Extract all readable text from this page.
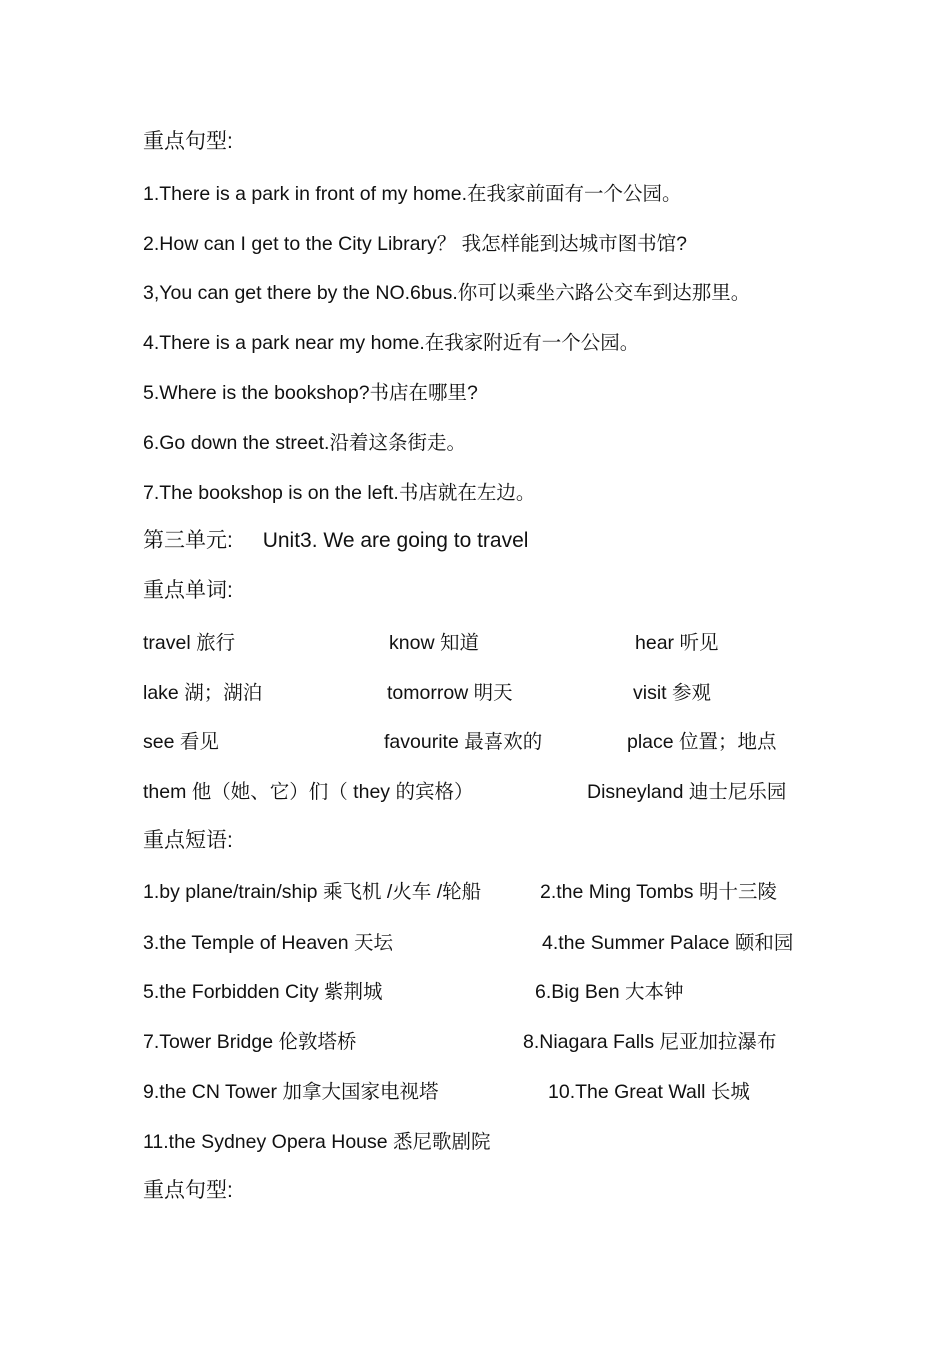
重点句型:
1.There is a park in front of my home.在我家前面有一个公园。
2.How can I get to the City Library？ 我怎样能到达城市图书馆?
3,You can get there by the NO.6bus.你可以乘坐六路公交车到达那里。
4.There is a park near my home.在我家附近有一个公园。
5.Where is the bookshop?书店在哪里?
6.Go down the street.沿着这条街走。
7.The bookshop is on the left.书店就在左边。
第三单元: Unit3. We are going to travel
重点单词:
travel 旅行	know 知道	hear 听见
lake 湖；湖泊	tomorrow 明天	visit 参观
see 看见	favourite 最喜欢的	place 位置；地点
them 他（她、它）们（ they 的宾格）	Disneyland 迪士尼乐园
重点短语:
1.by plane/train/ship 乘飞机 /火车 /轮船	2.the Ming Tombs 明十三陵
3.the Temple of Heaven 天坛	4.the Summer Palace 颐和园
5.the Forbidden City 紫荆城	6.Big Ben 大本钟
7.Tower Bridge 伦敦塔桥	8.Niagara Falls 尼亚加拉瀑布
9.the CN Tower 加拿大国家电视塔	10.The Great Wall 长城
11.the Sydney Opera House 悉尼歌剧院
重点句型:
